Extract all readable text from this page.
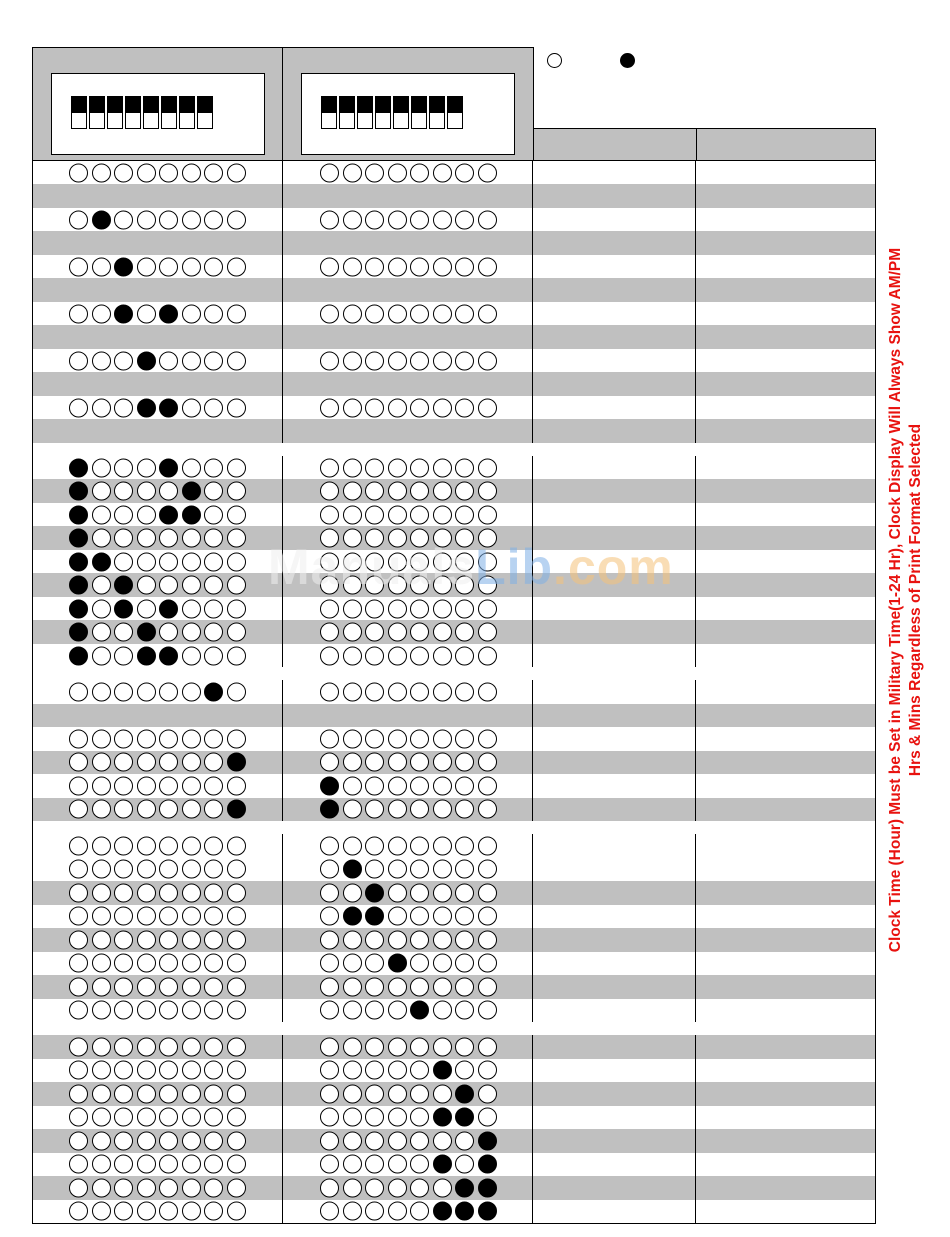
ManualsLib.com	Clock Time (Hour) Must be Set in Military Time(1-24 Hr), Clock Display Will Always Show AM/PM Hrs & Mins Regardless of Print Format Selected
